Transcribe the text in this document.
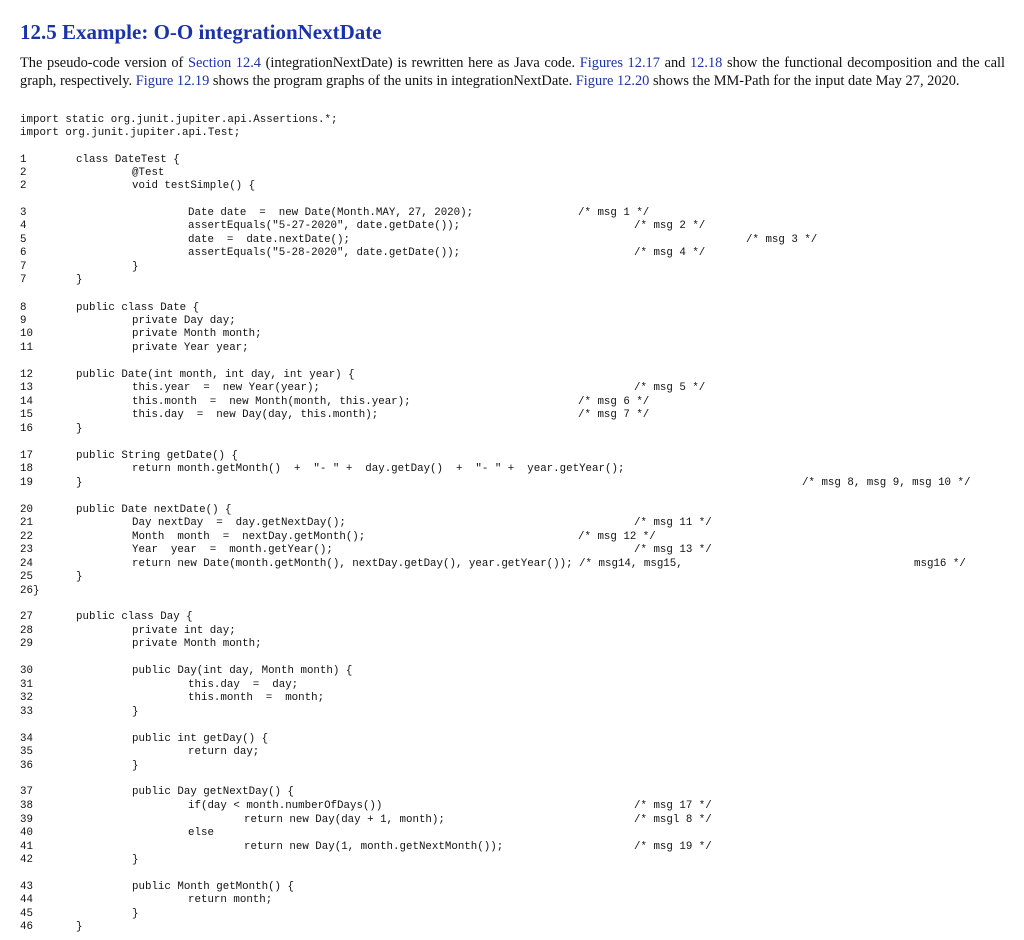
12.5 Example: O-O integrationNextDate

The pseudo-code version of Section 12.4 (integrationNextDate) is rewritten here as Java code. Figures 12.17 and 12.18 show the functional decomposition and the call graph, respectively. Figure 12.19 shows the program graphs of the units in integrationNextDate. Figure 12.20 shows the MM-Path for the input date May 27, 2020.

import static org.junit.jupiter.api.Assertions.*;
import org.junit.jupiter.api.Test;
1
2
2
3
4
5
6
7
7
8
9
10
11
12
13
14
15
16
17
18
19
20
21
22
23
24
25
26}
27
28
29
30
31
32
33
34
35
36
37
38
39
40
41
42
43
44
45
46
class DateTest {
@Test
void testSimple() {
Date date  =  new Date(Month.MAY, 27, 2020);
assertEquals("5-27-2020", date.getDate());
date  =  date.nextDate();
assertEquals("5-28-2020", date.getDate());
}
}
public class Date {
private Day day;
private Month month;
private Year year;
public Date(int month, int day, int year) {
this.year  =  new Year(year);
this.month  =  new Month(month, this.year);
this.day  =  new Day(day, this.month);
}
public String getDate() {
return month.getMonth()  +  "- " +  day.getDay()  +  "- " +  year.getYear();
}
public Date nextDate() {
Day nextDay  =  day.getNextDay();
Month  month  =  nextDay.getMonth();
Year  year  =  month.getYear();
return new Date(month.getMonth(), nextDay.getDay(), year.getYear()); /* msg14, msg15,
}
public class Day {
private int day;
private Month month;
public Day(int day, Month month) {
this.day  =  day;
this.month  =  month;
}
public int getDay() {
return day;
}
public Day getNextDay() {
if(day < month.numberOfDays())
return new Day(day + 1, month);
else
return new Day(1, month.getNextMonth());
}
public Month getMonth() {
return month;
}
}
/* msg 1 */
/* msg 2 */
/* msg 3 */
/* msg 4 */
/* msg 5 */
/* msg 6 */
/* msg 7 */
/* msg 8, msg 9, msg 10 */
/* msg 11 */
/* msg 12 */
/* msg 13 */
msg16 */
/* msg 17 */
/* msgl 8 */
/* msg 19 */
